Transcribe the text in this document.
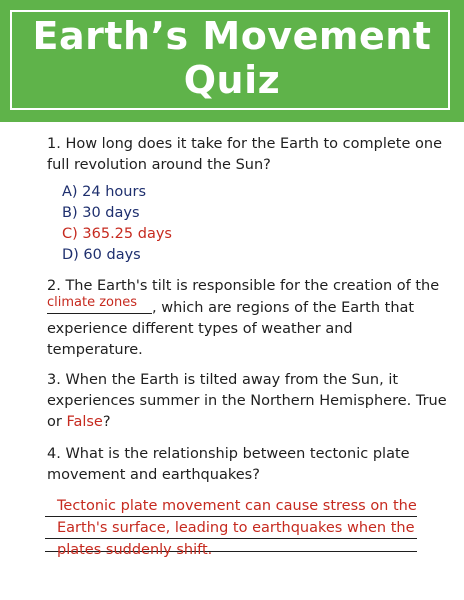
Earth’s Movement
Quiz
1. How long does it take for the Earth to complete one
full revolution around the Sun?
A) 24 hours
B) 30 days
C) 365.25 days
D) 60 days
2. The Earth's tilt is responsible for the creation of the
climate zones , which are regions of the Earth that
experience different types of weather and
temperature.
3. When the Earth is tilted away from the Sun, it
experiences summer in the Northern Hemisphere. True
or False?
4. What is the relationship between tectonic plate
movement and earthquakes?
Tectonic plate movement can cause stress on the Earth's surface, leading to earthquakes when the plates suddenly shift.
